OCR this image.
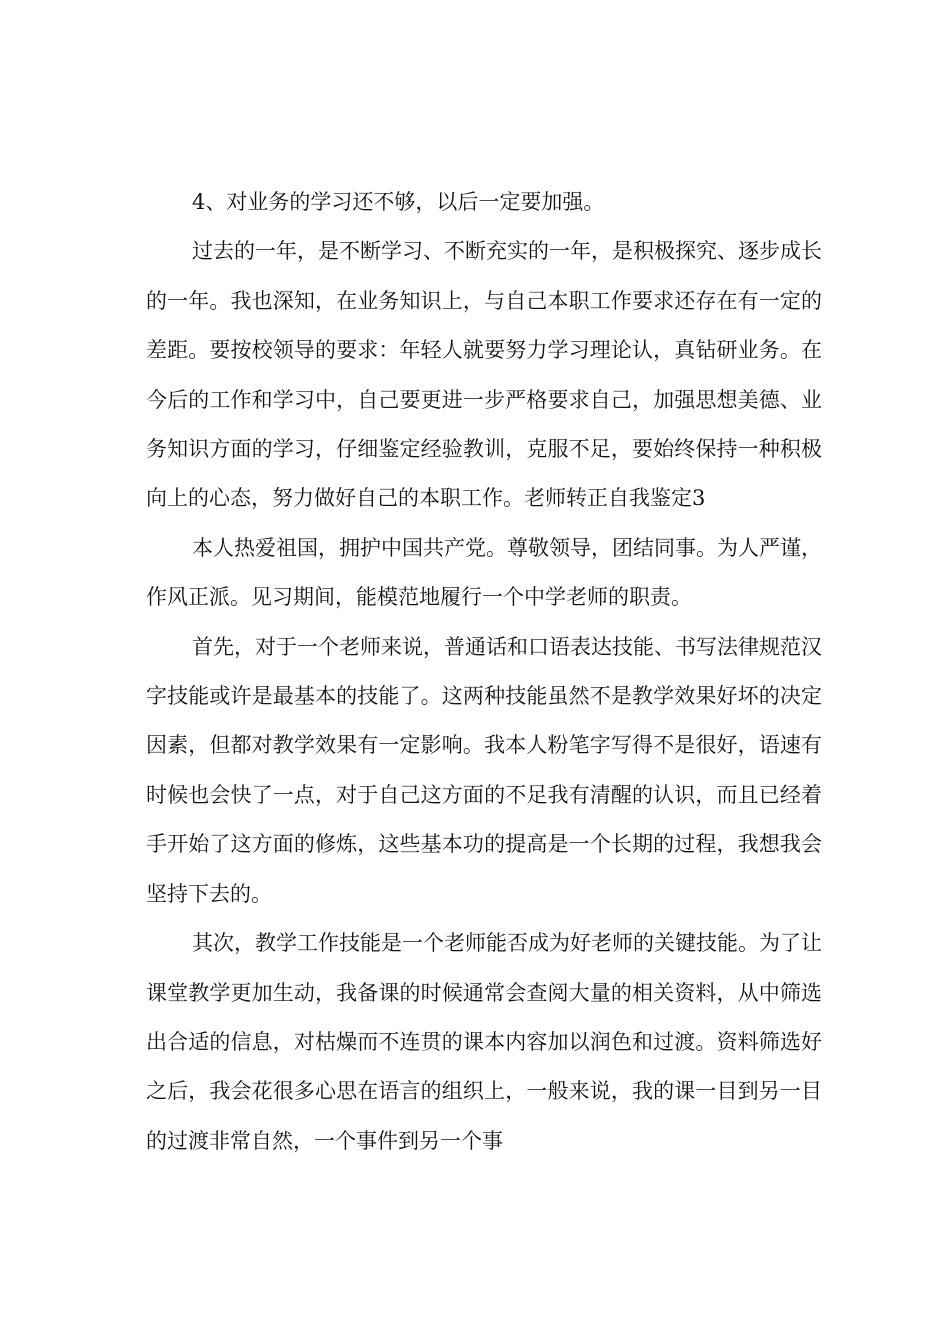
4、对业务的学习还不够，以后一定要加强。

过去的一年，是不断学习、不断充实的一年，是积极探究、逐步成长的一年。我也深知，在业务知识上，与自己本职工作要求还存在有一定的差距。要按校领导的要求：年轻人就要努力学习理论认，真钻研业务。在今后的工作和学习中，自己要更进一步严格要求自己，加强思想美德、业务知识方面的学习，仔细鉴定经验教训，克服不足，要始终保持一种积极向上的心态，努力做好自己的本职工作。老师转正自我鉴定3

本人热爱祖国，拥护中国共产党。尊敬领导，团结同事。为人严谨，作风正派。见习期间，能模范地履行一个中学老师的职责。

首先，对于一个老师来说，普通话和口语表达技能、书写法律规范汉字技能或许是最基本的技能了。这两种技能虽然不是教学效果好坏的决定因素，但都对教学效果有一定影响。我本人粉笔字写得不是很好，语速有时候也会快了一点，对于自己这方面的不足我有清醒的认识，而且已经着手开始了这方面的修炼，这些基本功的提高是一个长期的过程，我想我会坚持下去的。

其次，教学工作技能是一个老师能否成为好老师的关键技能。为了让课堂教学更加生动，我备课的时候通常会查阅大量的相关资料，从中筛选出合适的信息，对枯燥而不连贯的课本内容加以润色和过渡。资料筛选好之后，我会花很多心思在语言的组织上，一般来说，我的课一目到另一目的过渡非常自然，一个事件到另一个事
